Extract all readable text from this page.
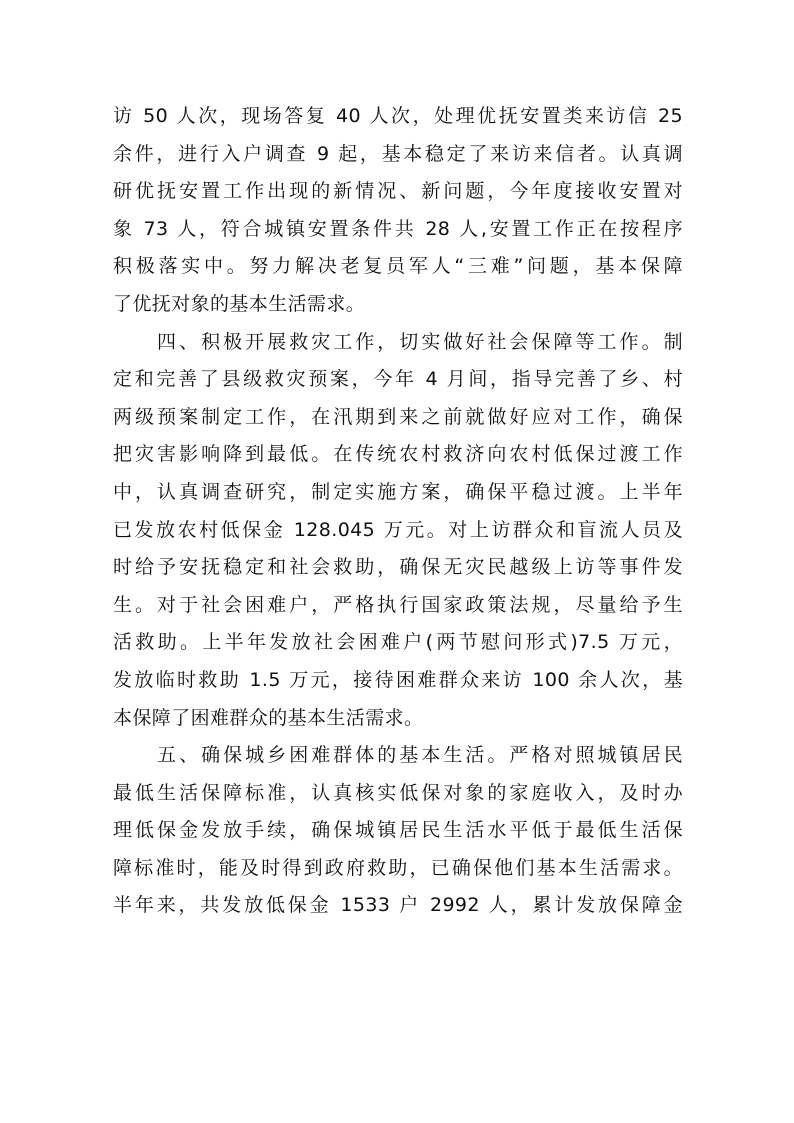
访 50 人次，现场答复 40 人次，处理优抚安置类来访信 25
余件，进行入户调查 9 起，基本稳定了来访来信者。认真调
研优抚安置工作出现的新情况、新问题，今年度接收安置对
象 73 人，符合城镇安置条件共 28 人,安置工作正在按程序
积极落实中。努力解决老复员军人“三难”问题，基本保障
了优抚对象的基本生活需求。
　　四、积极开展救灾工作，切实做好社会保障等工作。制
定和完善了县级救灾预案，今年 4 月间，指导完善了乡、村
两级预案制定工作，在汛期到来之前就做好应对工作，确保
把灾害影响降到最低。在传统农村救济向农村低保过渡工作
中，认真调查研究，制定实施方案，确保平稳过渡。上半年
已发放农村低保金 128.045 万元。对上访群众和盲流人员及
时给予安抚稳定和社会救助，确保无灾民越级上访等事件发
生。对于社会困难户，严格执行国家政策法规，尽量给予生
活救助。上半年发放社会困难户(两节慰问形式)7.5 万元，
发放临时救助 1.5 万元，接待困难群众来访 100 余人次，基
本保障了困难群众的基本生活需求。
　　五、确保城乡困难群体的基本生活。严格对照城镇居民
最低生活保障标准，认真核实低保对象的家庭收入，及时办
理低保金发放手续，确保城镇居民生活水平低于最低生活保
障标准时，能及时得到政府救助，已确保他们基本生活需求。
半年来，共发放低保金 1533 户 2992 人，累计发放保障金
